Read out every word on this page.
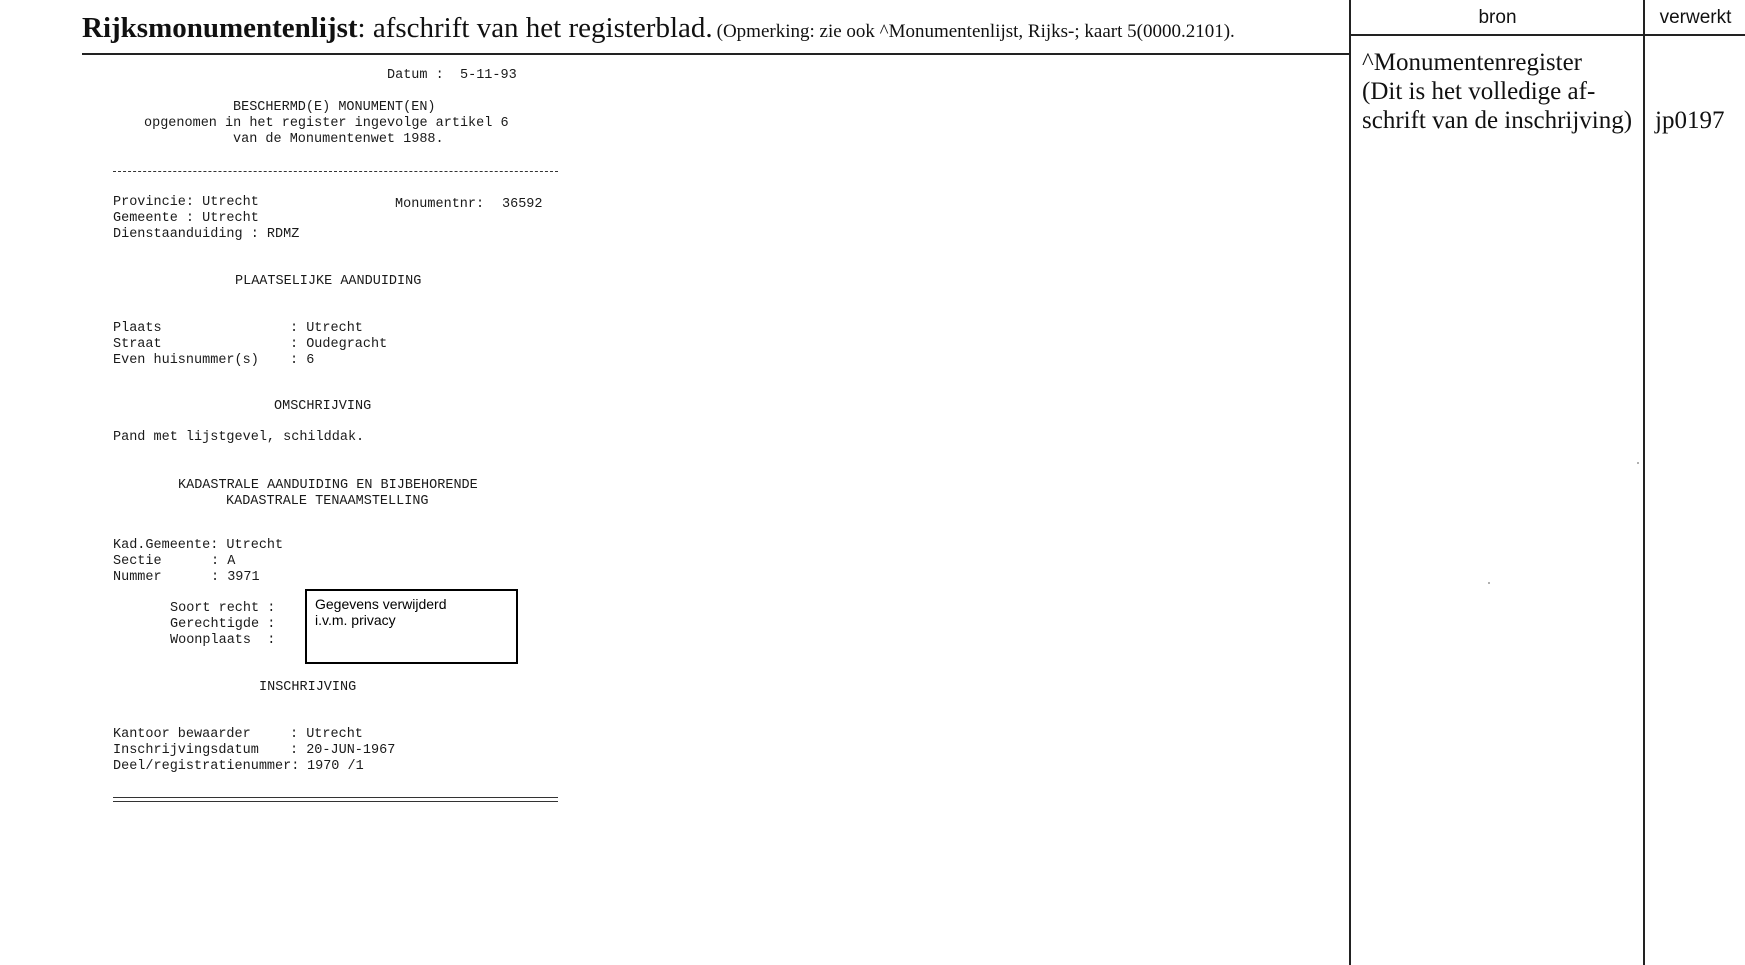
Rijksmonumentenlijst: afschrift van het registerblad. (Opmerking: zie ook ^Monumentenlijst, Rijks-; kaart 5(0000.2101).
bron	verwerkt
^Monumentenregister
(Dit is het volledige af-
schrift van de inschrijving) jp0197
Datum : 5-11-93
BESCHERMD(E) MONUMENT(EN)
opgenomen in het register ingevolge artikel 6
van de Monumentenwet 1988.
Provincie: Utrecht	Monumentnr: 36592
Gemeente : Utrecht
Dienstaanduiding : RDMZ
PLAATSELIJKE AANDUIDING
Plaats	: Utrecht
Straat	: Oudegracht
Even huisnummer(s) : 6
OMSCHRIJVING
Pand met lijstgevel, schilddak.
KADASTRALE AANDUIDING EN BIJBEHORENDE
KADASTRALE TENAAMSTELLING
Kad.Gemeente: Utrecht
Sectie	: A
Nummer	: 3971
Soort recht :
Gerechtigde :
Woonplaats  :
Gegevens verwijderd
i.v.m. privacy
INSCHRIJVING
Kantoor bewaarder	: Utrecht
Inschrijvingsdatum : 20-JUN-1967
Deel/registratienummer: 1970 /1
